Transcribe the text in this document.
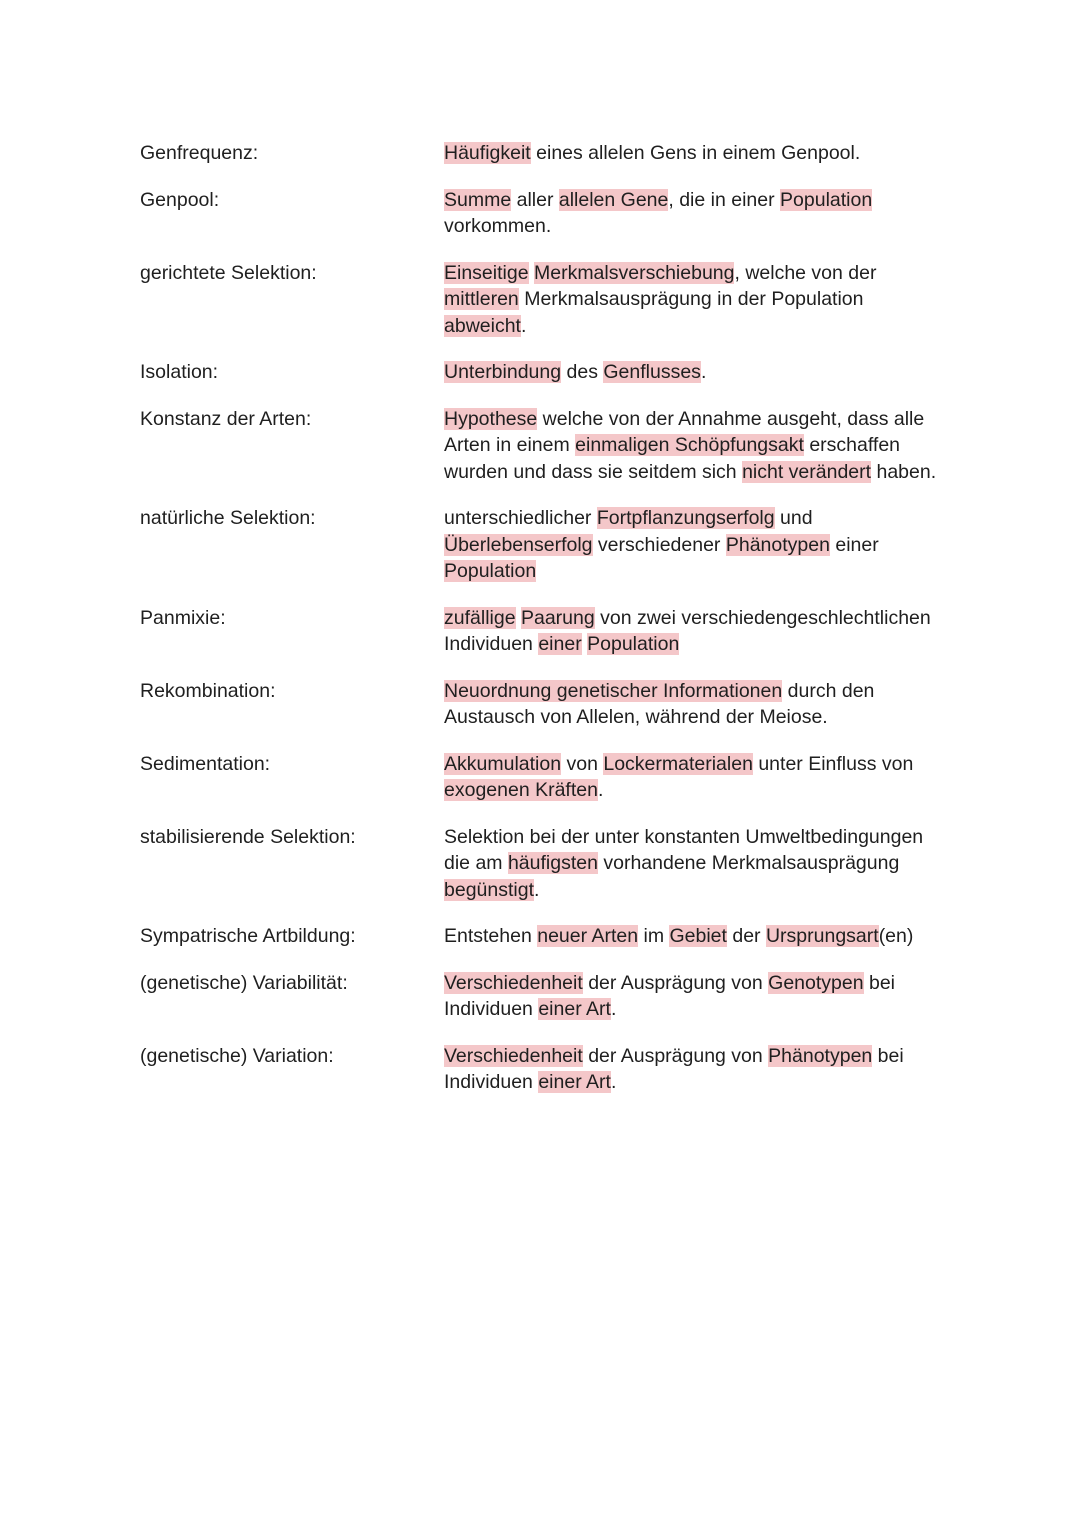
Genfrequenz:	Häufigkeit eines allelen Gens in einem Genpool.
Genpool:	Summe aller allelen Gene, die in einer Population vorkommen.
gerichtete Selektion:	Einseitige Merkmalsverschiebung, welche von der mittleren Merkmalsausprägung in der Population abweicht.
Isolation:	Unterbindung des Genflusses.
Konstanz der Arten:	Hypothese welche von der Annahme ausgeht, dass alle Arten in einem einmaligen Schöpfungsakt erschaffen wurden und dass sie seitdem sich nicht verändert haben.
natürliche Selektion:	unterschiedlicher Fortpflanzungserfolg und Überlebenserfolg verschiedener Phänotypen einer Population
Panmixie:	zufällige Paarung von zwei verschiedengeschlechtlichen Individuen einer Population
Rekombination:	Neuordnung genetischer Informationen durch den Austausch von Allelen, während der Meiose.
Sedimentation:	Akkumulation von Lockermaterialen unter Einfluss von exogenen Kräften.
stabilisierende Selektion:	Selektion bei der unter konstanten Umweltbedingungen die am häufigsten vorhandene Merkmalsausprägung begünstigt.
Sympatrische Artbildung:	Entstehen neuer Arten im Gebiet der Ursprungsart(en)
(genetische) Variabilität:	Verschiedenheit der Ausprägung von Genotypen bei Individuen einer Art.
(genetische) Variation:	Verschiedenheit der Ausprägung von Phänotypen bei Individuen einer Art.
